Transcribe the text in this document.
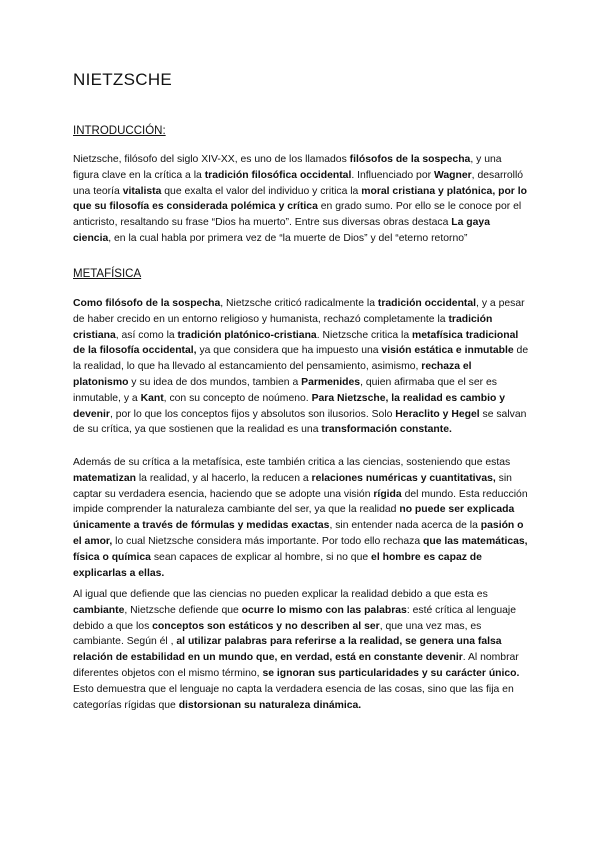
NIETZSCHE
INTRODUCCIÓN:

Nietzsche, filósofo del siglo XIV-XX, es uno de los llamados filósofos de la sospecha, y una figura clave en la crítica a la tradición filosófica occidental. Influenciado por Wagner, desarrolló una teoría vitalista que exalta el valor del individuo y critica la moral cristiana y platónica, por lo que su filosofía es considerada polémica y crítica en grado sumo. Por ello se le conoce por el anticristo, resaltando su frase “Dios ha muerto”. Entre sus diversas obras destaca La gaya ciencia, en la cual habla por primera vez de “la muerte de Dios” y del “eterno retorno”

METAFÍSICA

Como filósofo de la sospecha, Nietzsche criticó radicalmente la tradición occidental, y a pesar de haber crecido en un entorno religioso y humanista, rechazó completamente la tradición cristiana, así como la tradición platónico-cristiana. Nietzsche critica la metafísica tradicional de la filosofía occidental, ya que considera que ha impuesto una visión estática e inmutable de la realidad, lo que ha llevado al estancamiento del pensamiento, asimismo, rechaza el platonismo y su idea de dos mundos, tambien a Parmenides, quien afirmaba que el ser es inmutable, y a Kant, con su concepto de noúmeno. Para Nietzsche, la realidad es cambio y devenir, por lo que los conceptos fijos y absolutos son ilusorios. Solo Heraclito y Hegel se salvan de su crítica, ya que sostienen que la realidad es una transformación constante.

Además de su crítica a la metafísica, este también critica a las ciencias, sosteniendo que estas matematizan la realidad, y al hacerlo, la reducen a relaciones numéricas y cuantitativas, sin captar su verdadera esencia, haciendo que se adopte una visión rígida del mundo. Esta reducción impide comprender la naturaleza cambiante del ser, ya que la realidad no puede ser explicada únicamente a través de fórmulas y medidas exactas, sin entender nada acerca de la pasión o el amor, lo cual Nietzsche considera más importante. Por todo ello rechaza que las matemáticas, física o química sean capaces de explicar al hombre, si no que el hombre es capaz de explicarlas a ellas.

Al igual que defiende que las ciencias no pueden explicar la realidad debido a que esta es cambiante, Nietzsche defiende que ocurre lo mismo con las palabras: esté crítica al lenguaje debido a que los conceptos son estáticos y no describen al ser, que una vez mas, es cambiante. Según él , al utilizar palabras para referirse a la realidad, se genera una falsa relación de estabilidad en un mundo que, en verdad, está en constante devenir. Al nombrar diferentes objetos con el mismo término, se ignoran sus particularidades y su carácter único. Esto demuestra que el lenguaje no capta la verdadera esencia de las cosas, sino que las fija en categorías rígidas que distorsionan su naturaleza dinámica.
